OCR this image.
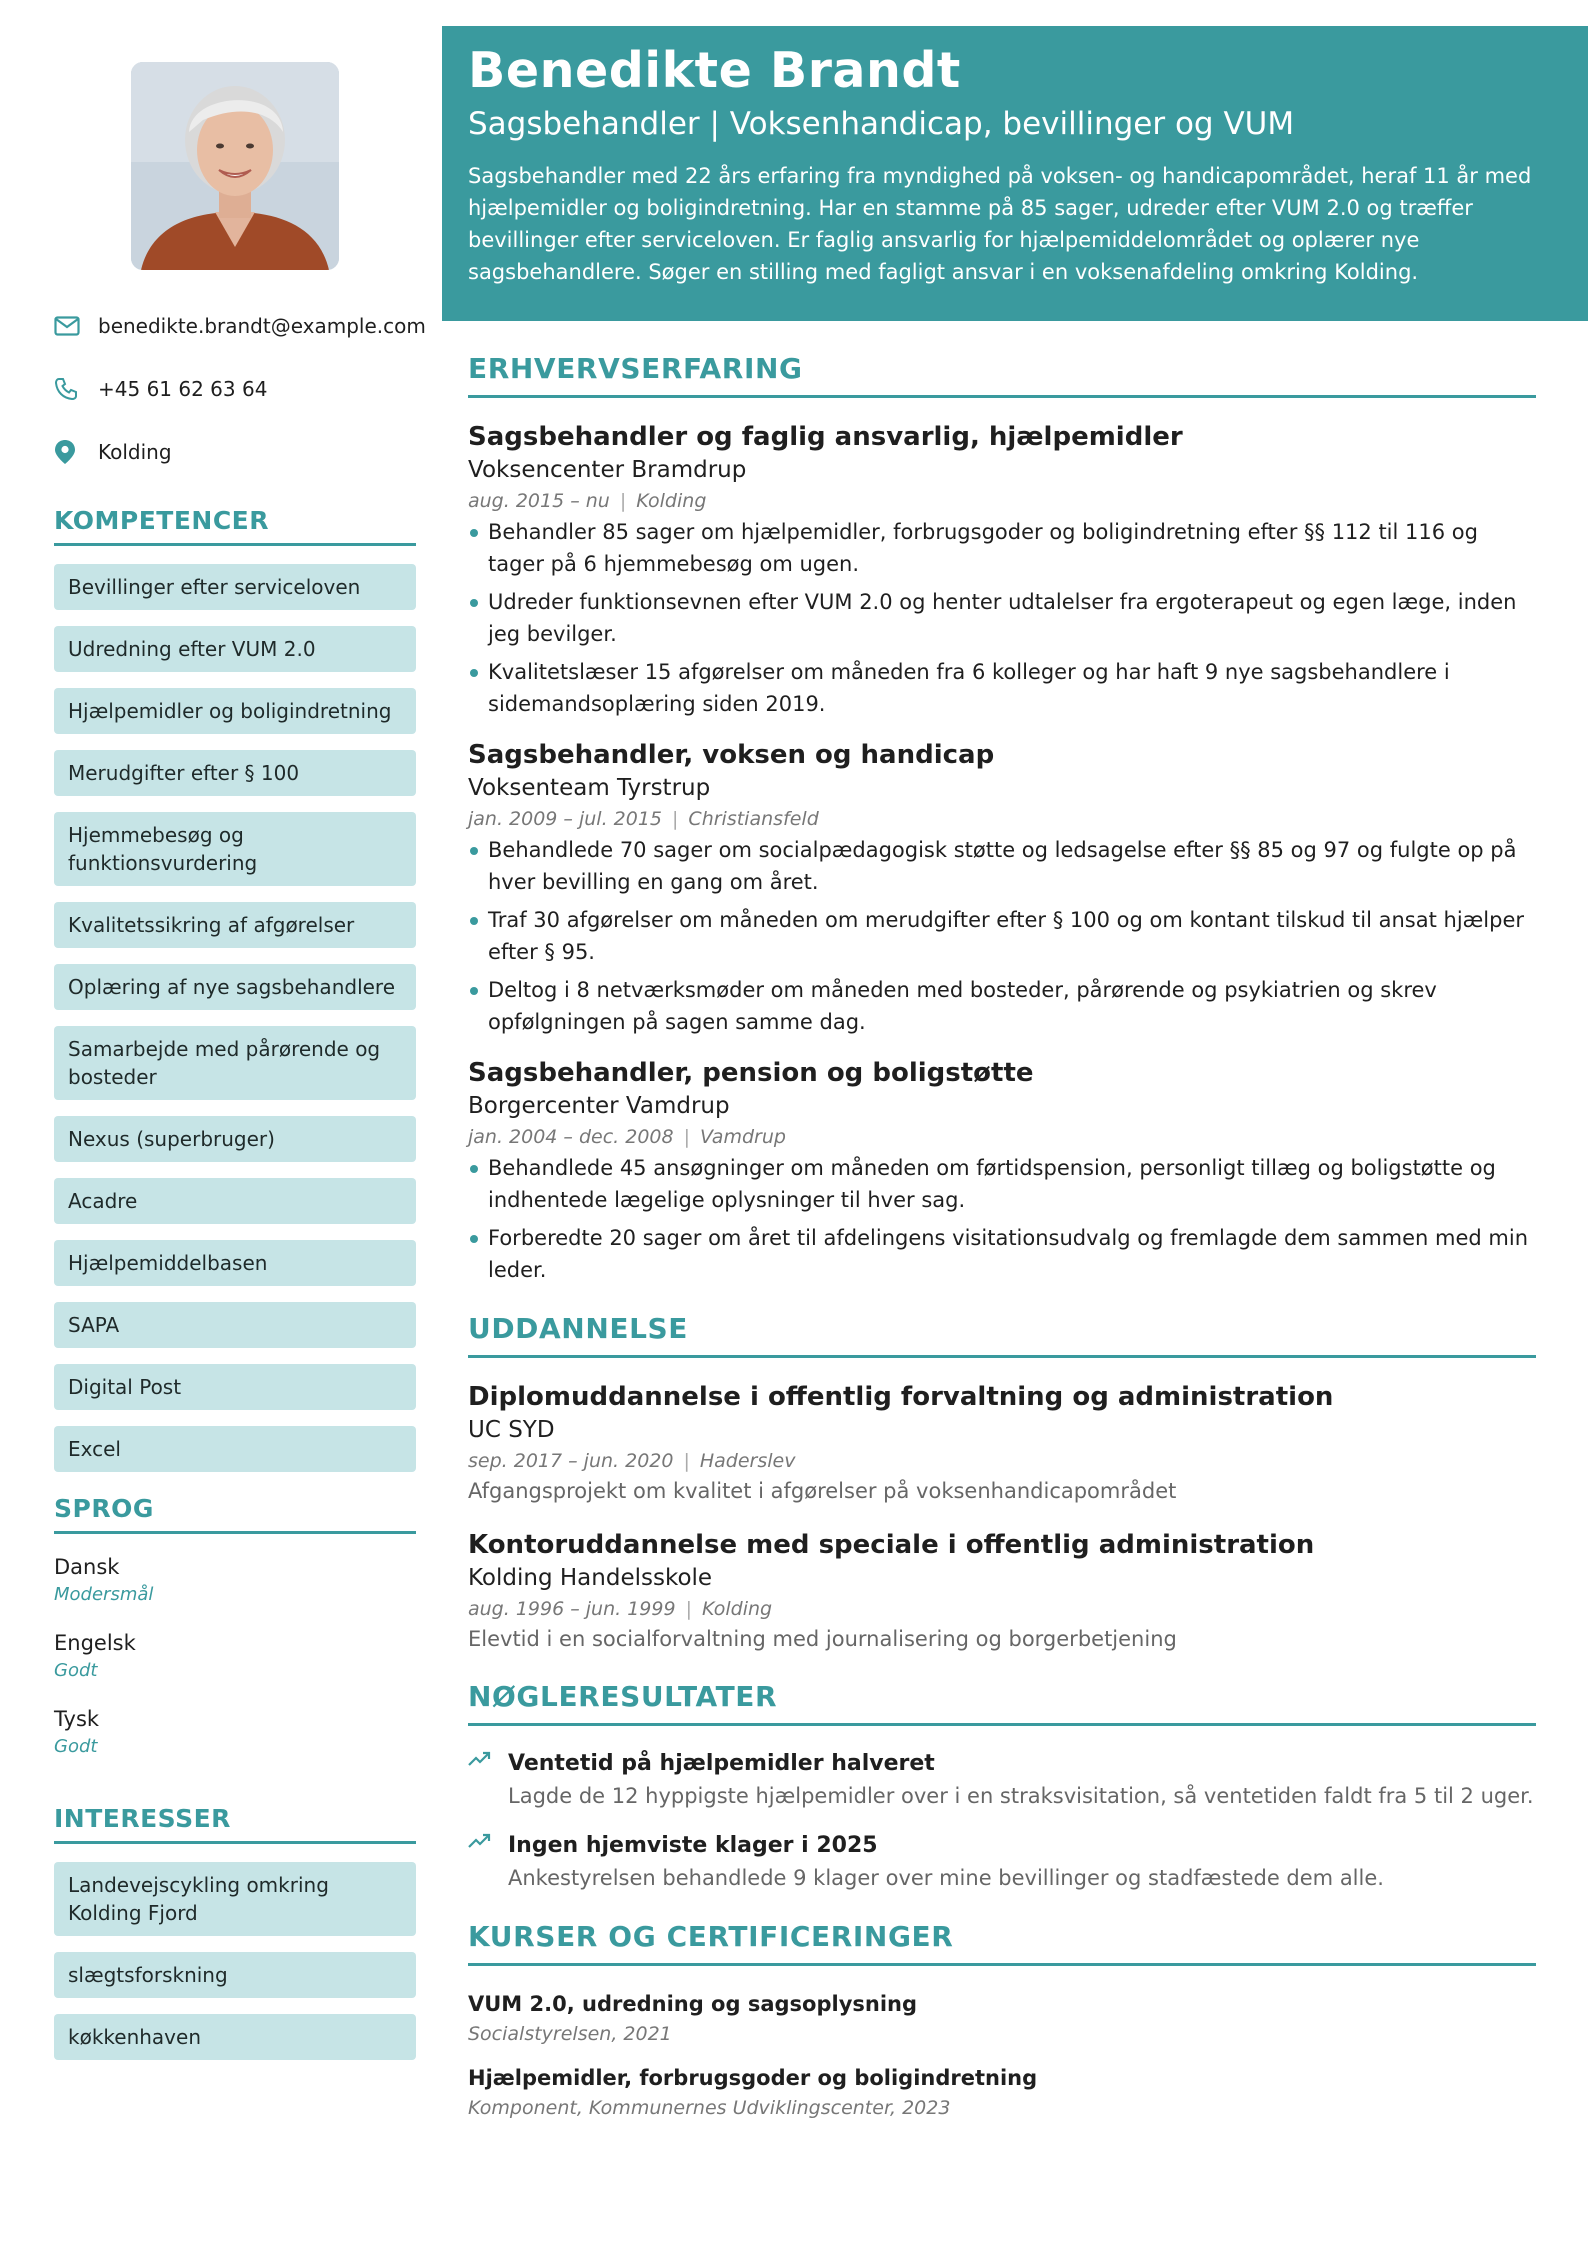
benedikte.brandt@example.com
+45 61 62 63 64
Kolding
KOMPETENCER
Bevillinger efter serviceloven
Udredning efter VUM 2.0
Hjælpemidler og boligindretning
Merudgifter efter § 100
Hjemmebesøg og funktionsvurdering
Kvalitetssikring af afgørelser
Oplæring af nye sagsbehandlere
Samarbejde med pårørende og bosteder
Nexus (superbruger)
Acadre
Hjælpemiddelbasen
SAPA
Digital Post
Excel
SPROG
Dansk
Modersmål
Engelsk
Godt
Tysk
Godt
INTERESSER
Landevejscykling omkring Kolding Fjord
slægtsforskning
køkkenhaven
Benedikte Brandt
Sagsbehandler | Voksenhandicap, bevillinger og VUM
Sagsbehandler med 22 års erfaring fra myndighed på voksen- og handicapområdet, heraf 11 år med hjælpemidler og boligindretning. Har en stamme på 85 sager, udreder efter VUM 2.0 og træffer bevillinger efter serviceloven. Er faglig ansvarlig for hjælpemiddelområdet og oplærer nye sagsbehandlere. Søger en stilling med fagligt ansvar i en voksenafdeling omkring Kolding.
ERHVERVSERFARING
Sagsbehandler og faglig ansvarlig, hjælpemidler
Voksencenter Bramdrup
aug. 2015 – nu | Kolding
Behandler 85 sager om hjælpemidler, forbrugsgoder og boligindretning efter §§ 112 til 116 og tager på 6 hjemmebesøg om ugen.
Udreder funktionsevnen efter VUM 2.0 og henter udtalelser fra ergoterapeut og egen læge, inden jeg bevilger.
Kvalitetslæser 15 afgørelser om måneden fra 6 kolleger og har haft 9 nye sagsbehandlere i sidemandsoplæring siden 2019.
Sagsbehandler, voksen og handicap
Voksenteam Tyrstrup
jan. 2009 – jul. 2015 | Christiansfeld
Behandlede 70 sager om socialpædagogisk støtte og ledsagelse efter §§ 85 og 97 og fulgte op på hver bevilling en gang om året.
Traf 30 afgørelser om måneden om merudgifter efter § 100 og om kontant tilskud til ansat hjælper efter § 95.
Deltog i 8 netværksmøder om måneden med bosteder, pårørende og psykiatrien og skrev opfølgningen på sagen samme dag.
Sagsbehandler, pension og boligstøtte
Borgercenter Vamdrup
jan. 2004 – dec. 2008 | Vamdrup
Behandlede 45 ansøgninger om måneden om førtidspension, personligt tillæg og boligstøtte og indhentede lægelige oplysninger til hver sag.
Forberedte 20 sager om året til afdelingens visitationsudvalg og fremlagde dem sammen med min leder.
UDDANNELSE
Diplomuddannelse i offentlig forvaltning og administration
UC SYD
sep. 2017 – jun. 2020 | Haderslev
Afgangsprojekt om kvalitet i afgørelser på voksenhandicapområdet
Kontoruddannelse med speciale i offentlig administration
Kolding Handelsskole
aug. 1996 – jun. 1999 | Kolding
Elevtid i en socialforvaltning med journalisering og borgerbetjening
NØGLERESULTATER
Ventetid på hjælpemidler halveret
Lagde de 12 hyppigste hjælpemidler over i en straksvisitation, så ventetiden faldt fra 5 til 2 uger.
Ingen hjemviste klager i 2025
Ankestyrelsen behandlede 9 klager over mine bevillinger og stadfæstede dem alle.
KURSER OG CERTIFICERINGER
VUM 2.0, udredning og sagsoplysning
Socialstyrelsen, 2021
Hjælpemidler, forbrugsgoder og boligindretning
Komponent, Kommunernes Udviklingscenter, 2023
